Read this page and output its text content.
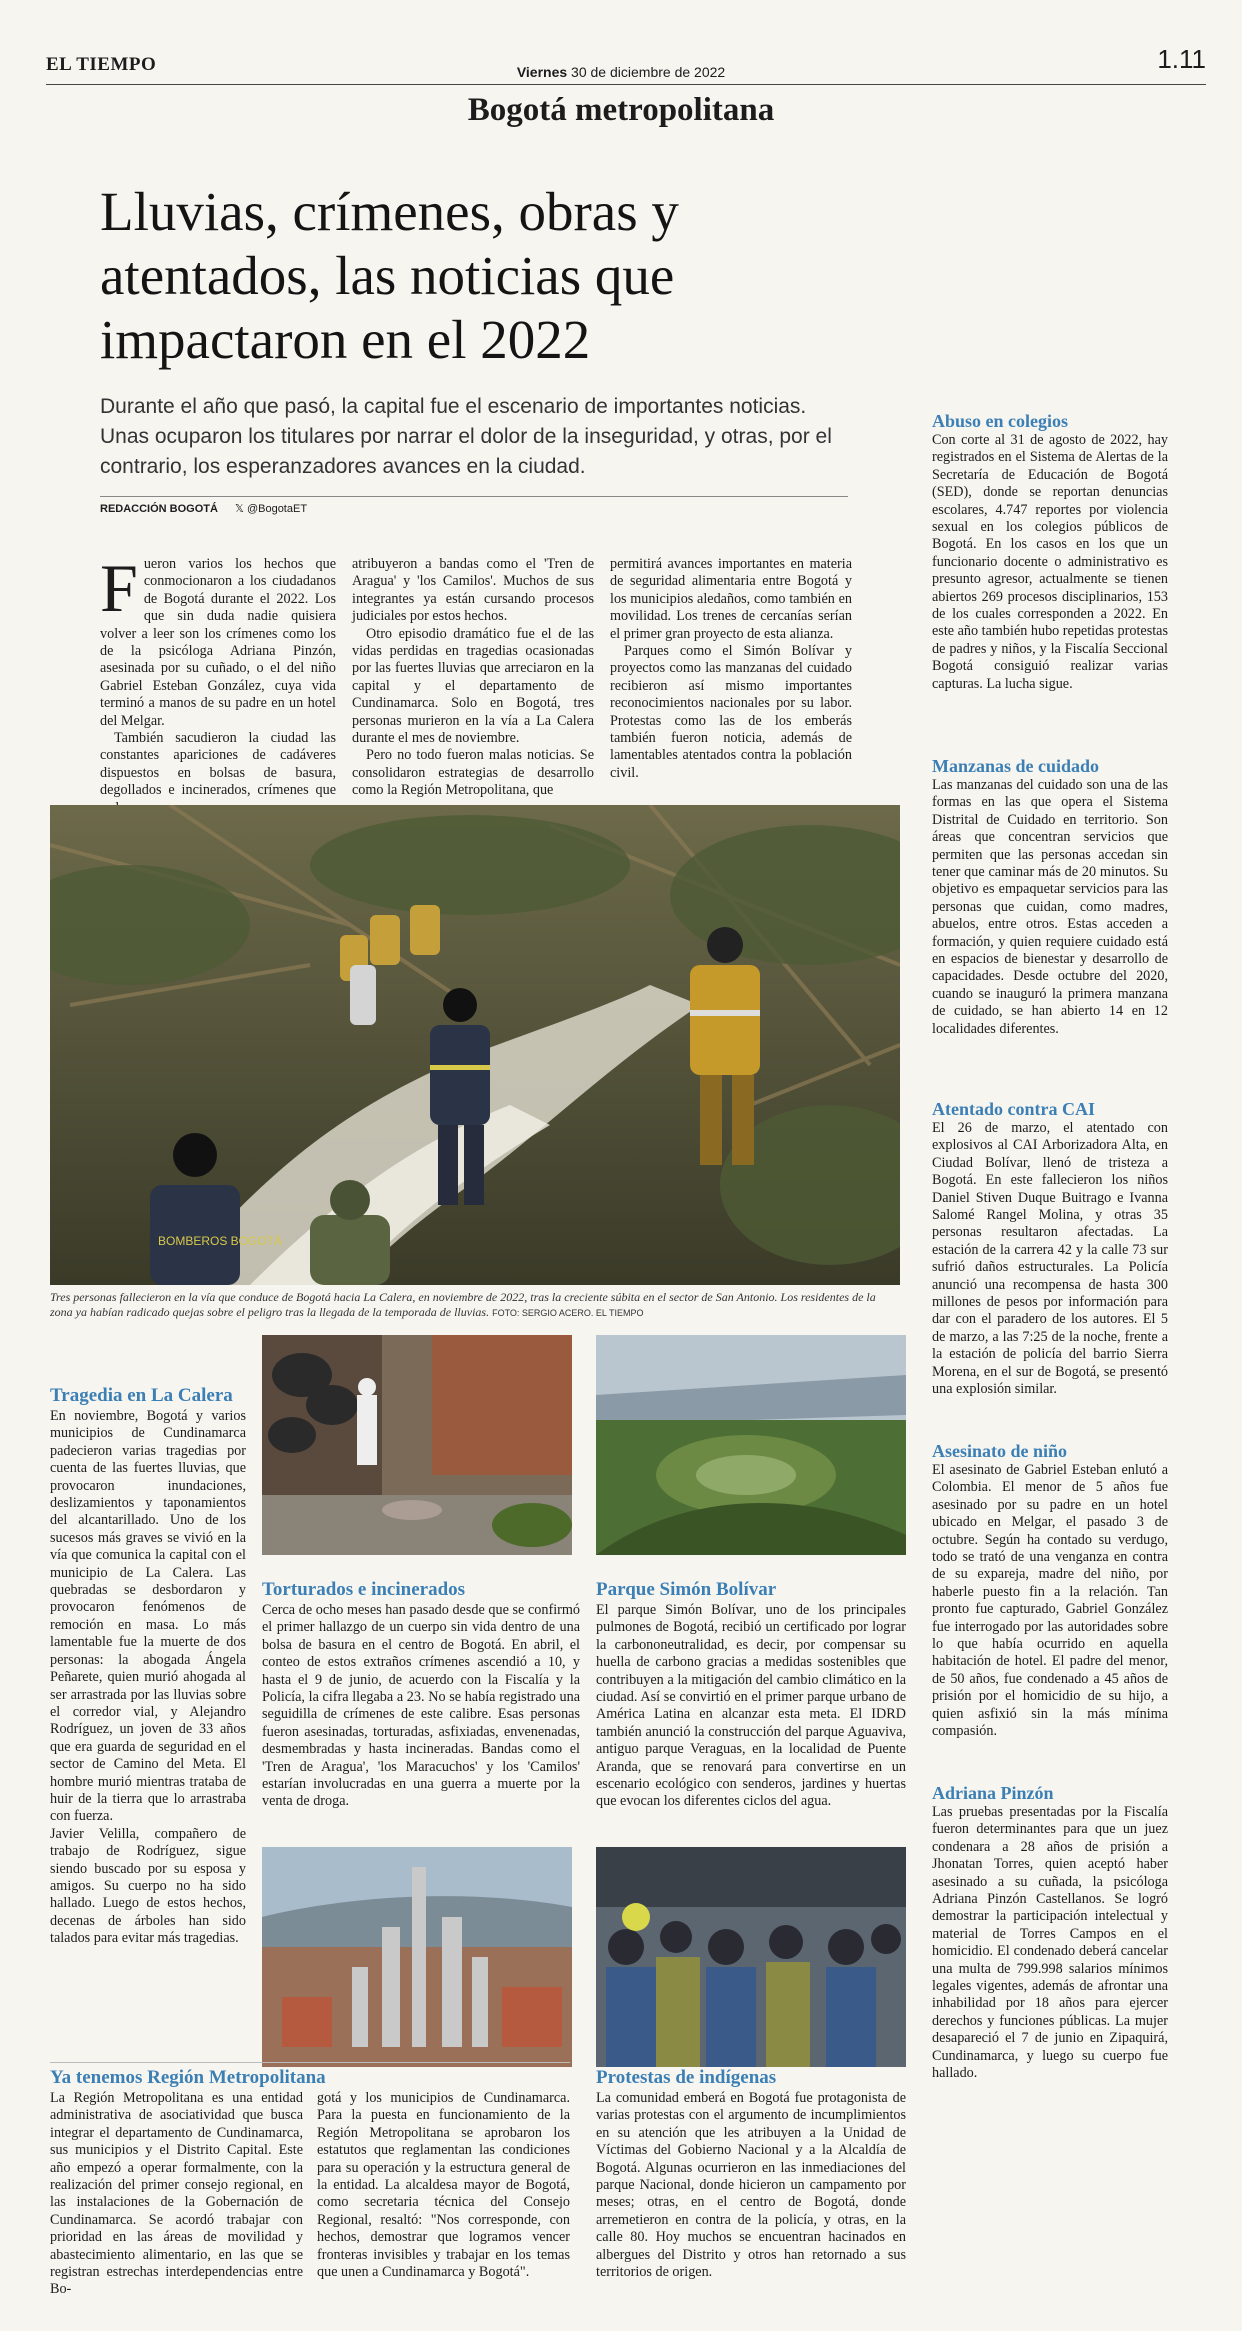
EL TIEMPO	Viernes 30 de diciembre de 2022	1.11
Bogotá metropolitana
Lluvias, crímenes, obras y atentados, las noticias que impactaron en el 2022
Durante el año que pasó, la capital fue el escenario de importantes noticias. Unas ocuparon los titulares por narrar el dolor de la inseguridad, y otras, por el contrario, los esperanzadores avances en la ciudad.
REDACCIÓN BOGOTÁ 𝕏 @BogotaET
F ueron varios los hechos que conmocionaron a los ciudadanos de Bogotá durante el 2022. Los que sin duda nadie quisiera volver a leer son los crímenes como los de la psicóloga Adriana Pinzón, asesinada por su cuñado, o el del niño Gabriel Esteban González, cuya vida terminó a manos de su padre en un hotel del Melgar.

También sacudieron la ciudad las constantes apariciones de cadáveres dispuestos en bolsas de basura, degollados e incinerados, crímenes que

atribuyeron a bandas como el 'Tren de Aragua' y 'los Camilos'. Muchos de sus integrantes ya están cursando procesos judiciales por estos hechos.

Otro episodio dramático fue el de las vidas perdidas en tragedias ocasionadas por las fuertes lluvias que arreciaron en la capital y el departamento de Cundinamarca. Solo en Bogotá, tres personas murieron en la vía a La Calera durante el mes de noviembre.

Pero no todo fueron malas noticias. Se consolidaron estrategias de desarrollo como la Región Metropolitana, que

permitirá avances importantes en materia de seguridad alimentaria entre Bogotá y los municipios aledaños, como también en movilidad. Los trenes de cercanías serían el primer gran proyecto de esta alianza.

Parques como el Simón Bolívar y proyectos como las manzanas del cuidado recibieron así mismo importantes reconocimientos nacionales por su labor. Protestas como las de los emberás también fueron noticia, además de lamentables atentados contra la población civil.

BOMBEROS BOGOTÁ
Tres personas fallecieron en la vía que conduce de Bogotá hacia La Calera, en noviembre de 2022, tras la creciente súbita en el sector de San Antonio. Los residentes de la zona ya habían radicado quejas sobre el peligro tras la llegada de la temporada de lluvias. FOTO: SERGIO ACERO. EL TIEMPO
Abuso en colegios
Con corte al 31 de agosto de 2022, hay registrados en el Sistema de Alertas de la Secretaría de Educación de Bogotá (SED), donde se reportan denuncias escolares, 4.747 reportes por violencia sexual en los colegios públicos de Bogotá. En los casos en los que un funcionario docente o administrativo es presunto agresor, actualmente se tienen abiertos 269 procesos disciplinarios, 153 de los cuales corresponden a 2022. En este año también hubo repetidas protestas de padres y niños, y la Fiscalía Seccional Bogotá consiguió realizar varias capturas. La lucha sigue.
Manzanas de cuidado
Las manzanas del cuidado son una de las formas en las que opera el Sistema Distrital de Cuidado en territorio. Son áreas que concentran servicios que permiten que las personas accedan sin tener que caminar más de 20 minutos. Su objetivo es empaquetar servicios para las personas que cuidan, como madres, abuelos, entre otros. Estas acceden a formación, y quien requiere cuidado está en espacios de bienestar y desarrollo de capacidades. Desde octubre del 2020, cuando se inauguró la primera manzana de cuidado, se han abierto 14 en 12 localidades diferentes.
Atentado contra CAI
El 26 de marzo, el atentado con explosivos al CAI Arborizadora Alta, en Ciudad Bolívar, llenó de tristeza a Bogotá. En este fallecieron los niños Daniel Stiven Duque Buitrago e Ivanna Salomé Rangel Molina, y otras 35 personas resultaron afectadas. La estación de la carrera 42 y la calle 73 sur sufrió daños estructurales. La Policía anunció una recompensa de hasta 300 millones de pesos por información para dar con el paradero de los autores. El 5 de marzo, a las 7:25 de la noche, frente a la estación de policía del barrio Sierra Morena, en el sur de Bogotá, se presentó una explosión similar.
Asesinato de niño
El asesinato de Gabriel Esteban enlutó a Colombia. El menor de 5 años fue asesinado por su padre en un hotel ubicado en Melgar, el pasado 3 de octubre. Según ha contado su verdugo, todo se trató de una venganza en contra de su expareja, madre del niño, por haberle puesto fin a la relación. Tan pronto fue capturado, Gabriel González fue interrogado por las autoridades sobre lo que había ocurrido en aquella habitación de hotel. El padre del menor, de 50 años, fue condenado a 45 años de prisión por el homicidio de su hijo, a quien asfixió sin la más mínima compasión.
Adriana Pinzón
Las pruebas presentadas por la Fiscalía fueron determinantes para que un juez condenara a 28 años de prisión a Jhonatan Torres, quien aceptó haber asesinado a su cuñada, la psicóloga Adriana Pinzón Castellanos. Se logró demostrar la participación intelectual y material de Torres Campos en el homicidio. El condenado deberá cancelar una multa de 799.998 salarios mínimos legales vigentes, además de afrontar una inhabilidad por 18 años para ejercer derechos y funciones públicas. La mujer desapareció el 7 de junio en Zipaquirá, Cundinamarca, y luego su cuerpo fue hallado.
Tragedia en La Calera
En noviembre, Bogotá y varios municipios de Cundinamarca padecieron varias tragedias por cuenta de las fuertes lluvias, que provocaron inundaciones, deslizamientos y taponamientos del alcantarillado. Uno de los sucesos más graves se vivió en la vía que comunica la capital con el municipio de La Calera. Las quebradas se desbordaron y provocaron fenómenos de remoción en masa. Lo más lamentable fue la muerte de dos personas: la abogada Ángela Peñarete, quien murió ahogada al ser arrastrada por las lluvias sobre el corredor vial, y Alejandro Rodríguez, un joven de 33 años que era guarda de seguridad en el sector de Camino del Meta. El hombre murió mientras trataba de huir de la tierra que lo arrastraba con fuerza.
Javier Velilla, compañero de trabajo de Rodríguez, sigue siendo buscado por su esposa y amigos. Su cuerpo no ha sido hallado. Luego de estos hechos, decenas de árboles han sido talados para evitar más tragedias.
Torturados e incinerados
Cerca de ocho meses han pasado desde que se confirmó el primer hallazgo de un cuerpo sin vida dentro de una bolsa de basura en el centro de Bogotá. En abril, el conteo de estos extraños crímenes ascendió a 10, y hasta el 9 de junio, de acuerdo con la Fiscalía y la Policía, la cifra llegaba a 23. No se había registrado una seguidilla de crímenes de este calibre. Esas personas fueron asesinadas, torturadas, asfixiadas, envenenadas, desmembradas y hasta incineradas. Bandas como el 'Tren de Aragua', 'los Maracuchos' y los 'Camilos' estarían involucradas en una guerra a muerte por la venta de droga.
Parque Simón Bolívar
El parque Simón Bolívar, uno de los principales pulmones de Bogotá, recibió un certificado por lograr la carbononeutralidad, es decir, por compensar su huella de carbono gracias a medidas sostenibles que contribuyen a la mitigación del cambio climático en la ciudad. Así se convirtió en el primer parque urbano de América Latina en alcanzar esta meta. El IDRD también anunció la construcción del parque Aguaviva, antiguo parque Veraguas, en la localidad de Puente Aranda, que se renovará para convertirse en un escenario ecológico con senderos, jardines y huertas que evocan los diferentes ciclos del agua.
Ya tenemos Región Metropolitana
La Región Metropolitana es una entidad administrativa de asociatividad que busca integrar el departamento de Cundinamarca, sus municipios y el Distrito Capital. Este año empezó a operar formalmente, con la realización del primer consejo regional, en las instalaciones de la Gobernación de Cundinamarca. Se acordó trabajar con prioridad en las áreas de movilidad y abastecimiento alimentario, en las que se registran estrechas interdependencias entre Bo-
gotá y los municipios de Cundinamarca. Para la puesta en funcionamiento de la Región Metropolitana se aprobaron los estatutos que reglamentan las condiciones para su operación y la estructura general de la entidad. La alcaldesa mayor de Bogotá, como secretaria técnica del Consejo Regional, resaltó: "Nos corresponde, con hechos, demostrar que logramos vencer fronteras invisibles y trabajar en los temas que unen a Cundinamarca y Bogotá".
Protestas de indígenas
La comunidad emberá en Bogotá fue protagonista de varias protestas con el argumento de incumplimientos en su atención que les atribuyen a la Unidad de Víctimas del Gobierno Nacional y a la Alcaldía de Bogotá. Algunas ocurrieron en las inmediaciones del parque Nacional, donde hicieron un campamento por meses; otras, en el centro de Bogotá, donde arremetieron en contra de la policía, y otras, en la calle 80. Hoy muchos se encuentran hacinados en albergues del Distrito y otros han retornado a sus territorios de origen.
